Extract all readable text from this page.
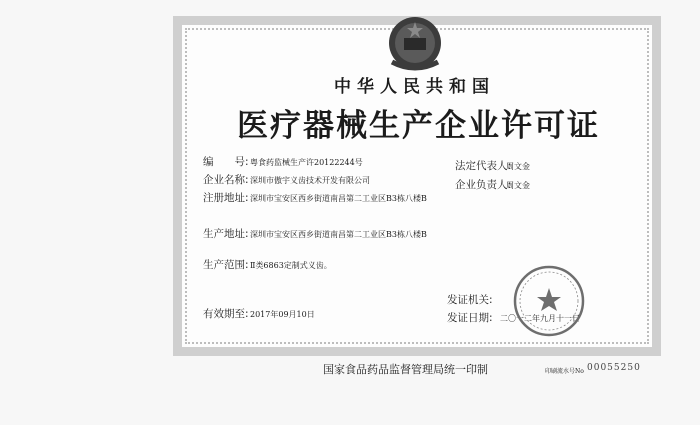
中华人民共和国
医疗器械生产企业许可证
编　　号: 粤食药监械生产许20122244号
企业名称: 深圳市傲宇义齿技术开发有限公司
注册地址: 深圳市宝安区西乡街道南昌第二工业区B3栋八楼B
生产地址: 深圳市宝安区西乡街道南昌第二工业区B3栋八楼B
生产范围: Ⅱ类6863定制式义齿。
有效期至: 2017年09月10日
法定代表人:
周文金
企业负责人:
周文金
发证机关:
发证日期: 二〇一二年九月十一日
国家食品药品监督管理局统一印制	印刷流水号No 00055250
